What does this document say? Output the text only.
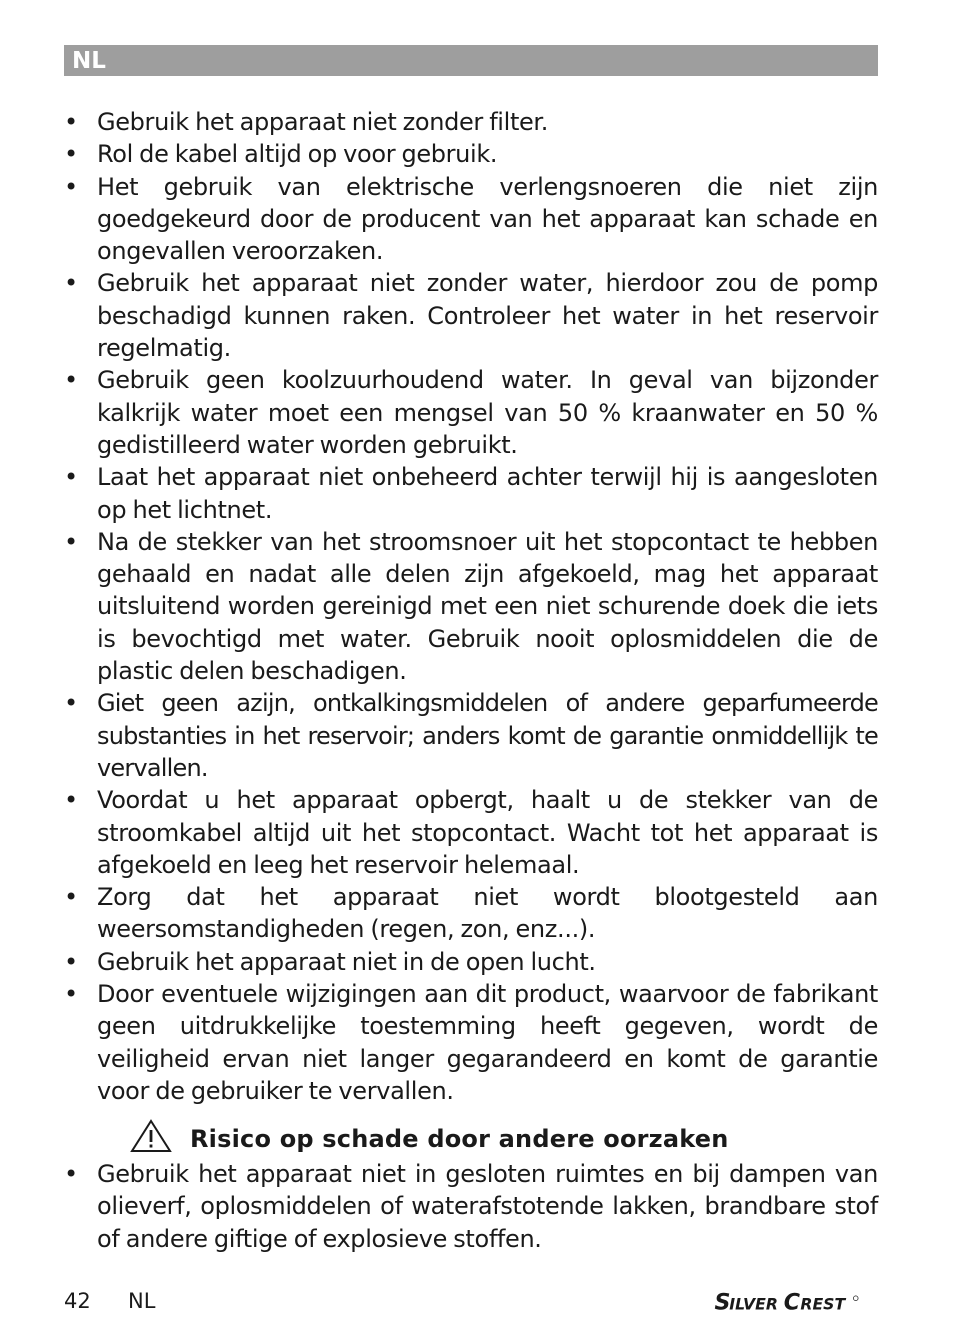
NL
• Gebruik het apparaat niet zonder filter.
• Rol de kabel altijd op voor gebruik.
• Het gebruik van elektrische verlengsnoeren die niet zijn goedgekeurd door de producent van het apparaat kan schade en ongevallen veroorzaken.
• Gebruik het apparaat niet zonder water, hierdoor zou de pomp beschadigd kunnen raken. Controleer het water in het reservoir regelmatig.
• Gebruik geen koolzuurhoudend water. In geval van bijzonder kalkrijk water moet een mengsel van 50 % kraanwater en 50 % gedistilleerd water worden gebruikt.
• Laat het apparaat niet onbeheerd achter terwijl hij is aangesloten op het lichtnet.
• Na de stekker van het stroomsnoer uit het stopcontact te hebben gehaald en nadat alle delen zijn afgekoeld, mag het apparaat uitsluitend worden gereinigd met een niet schurende doek die iets is bevochtigd met water. Gebruik nooit oplosmiddelen die de plastic delen beschadigen.
• Giet geen azijn, ontkalkingsmiddelen of andere geparfumeerde substanties in het reservoir; anders komt de garantie onmiddellijk te vervallen.
• Voordat u het apparaat opbergt, haalt u de stekker van de stroomkabel altijd uit het stopcontact. Wacht tot het apparaat is afgekoeld en leeg het reservoir helemaal.
• Zorg dat het apparaat niet wordt blootgesteld aan weersomstandigheden (regen, zon, enz...).
• Gebruik het apparaat niet in de open lucht.
• Door eventuele wijzigingen aan dit product, waarvoor de fabrikant geen uitdrukkelijke toestemming heeft gegeven, wordt de veiligheid ervan niet langer gegarandeerd en komt de garantie voor de gebruiker te vervallen.
Risico op schade door andere oorzaken
• Gebruik het apparaat niet in gesloten ruimtes en bij dampen van olieverf, oplosmiddelen of waterafstotende lakken, brandbare stof of andere giftige of explosieve stoffen.
42 NL	S
ILVER C REST
